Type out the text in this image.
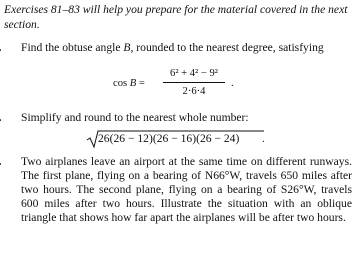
Exercises 81–83 will help you prepare for the material covered in the next section.
Find the obtuse angle B, rounded to the nearest degree, satisfying
cos B =
6² + 4² − 9²
2·6·4
.
Simplify and round to the nearest whole number:
26(26 − 12)(26 − 16)(26 − 24) .
Two airplanes leave an airport at the same time on different runways. The first plane, flying on a bearing of N66°W, travels 650 miles after two hours. The second plane, flying on a bearing of S26°W, travels 600 miles after two hours. Illustrate the situation with an oblique triangle that shows how far apart the airplanes will be after two hours.
